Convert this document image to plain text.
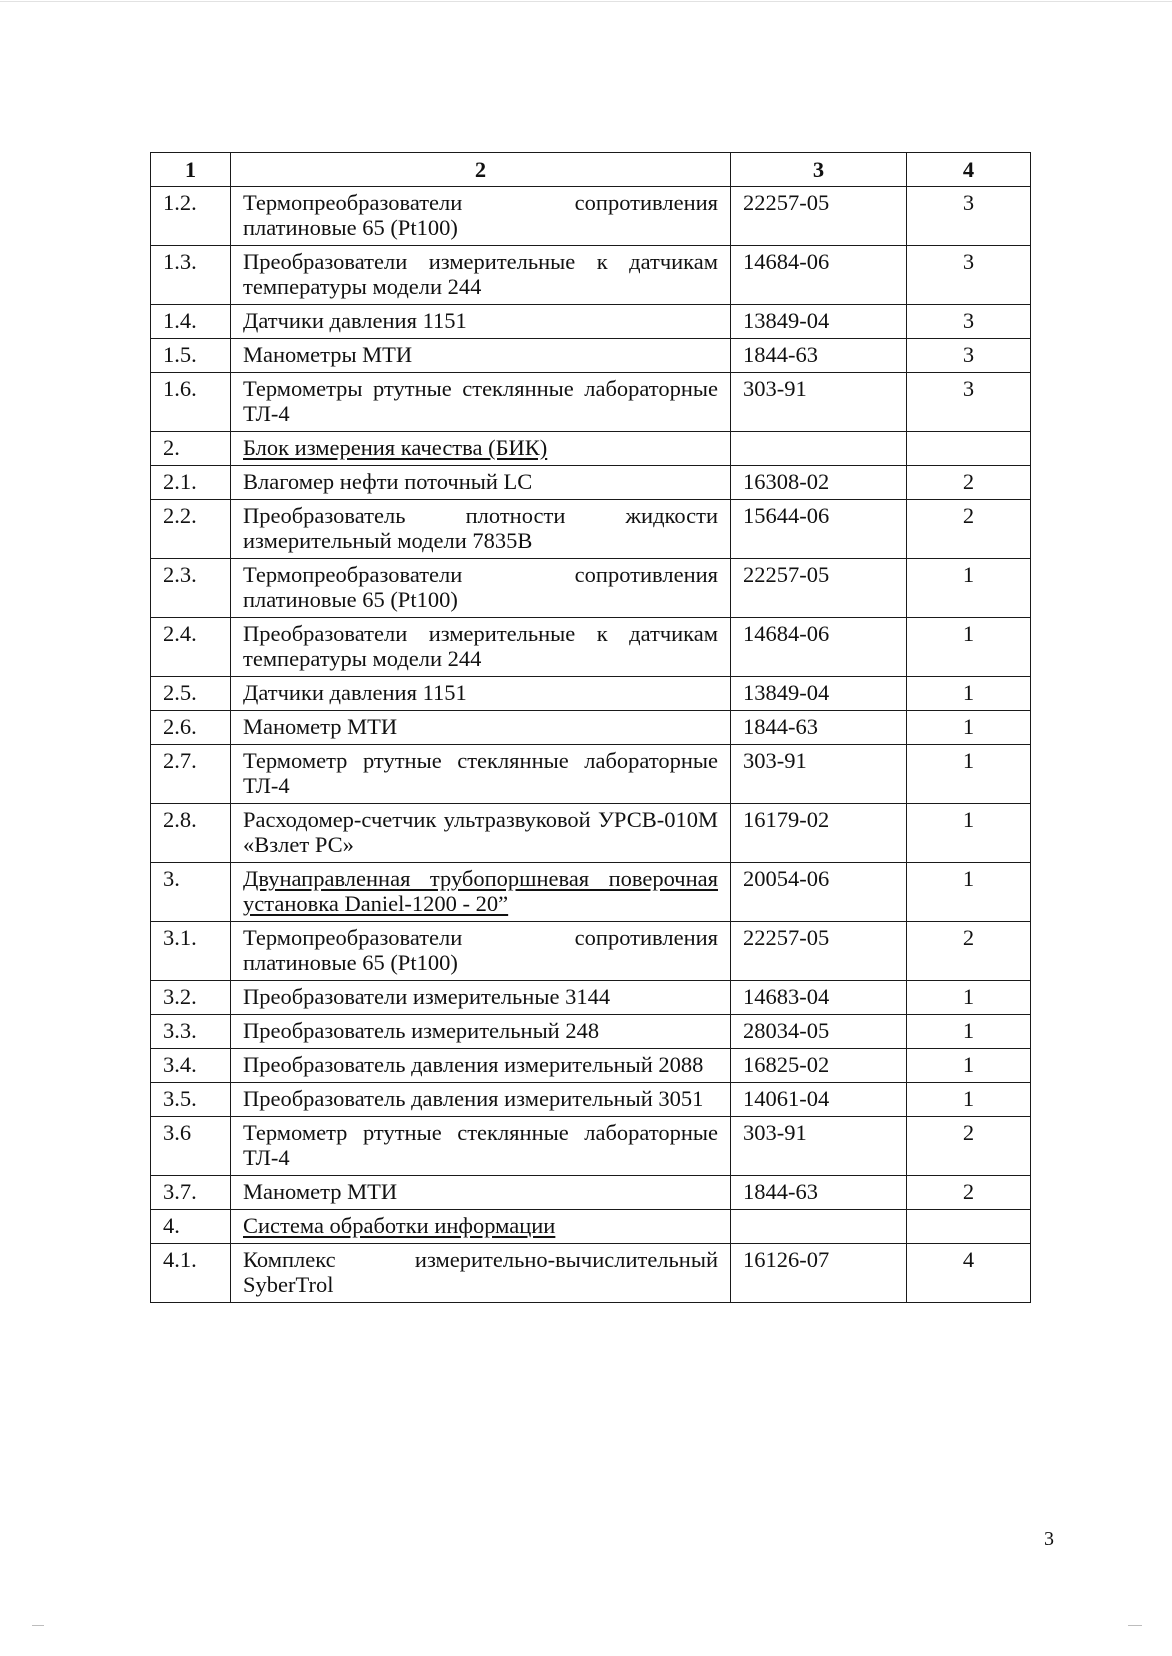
1	2	3	4
1.2.	Термопреобразователи сопротивления платиновые 65 (Pt100)	22257-05	3
1.3.	Преобразователи измерительные к датчикам температуры модели 244	14684-06	3
1.4.	Датчики давления 1151	13849-04	3
1.5.	Манометры МТИ	1844-63	3
1.6.	Термометры ртутные стеклянные лабораторные ТЛ-4	303-91	3
2.	Блок измерения качества (БИК)		
2.1.	Влагомер нефти поточный LC	16308-02	2
2.2.	Преобразователь плотности жидкости измерительный модели 7835B	15644-06	2
2.3.	Термопреобразователи сопротивления платиновые 65 (Pt100)	22257-05	1
2.4.	Преобразователи измерительные к датчикам температуры модели 244	14684-06	1
2.5.	Датчики давления 1151	13849-04	1
2.6.	Манометр МТИ	1844-63	1
2.7.	Термометр ртутные стеклянные лабораторные ТЛ-4	303-91	1
2.8.	Расходомер-счетчик ультразвуковой УРСВ-010М «Взлет РС»	16179-02	1
3.	Двунаправленная трубопоршневая поверочная установка Daniel-1200 - 20”	20054-06	1
3.1.	Термопреобразователи сопротивления платиновые 65 (Pt100)	22257-05	2
3.2.	Преобразователи измерительные 3144	14683-04	1
3.3.	Преобразователь измерительный 248	28034-05	1
3.4.	Преобразователь давления измерительный 2088	16825-02	1
3.5.	Преобразователь давления измерительный 3051	14061-04	1
3.6	Термометр ртутные стеклянные лабораторные ТЛ-4	303-91	2
3.7.	Манометр МТИ	1844-63	2
4.	Система обработки информации		
4.1.	Комплекс измерительно-вычислительный SyberTrol	16126-07	4
3
